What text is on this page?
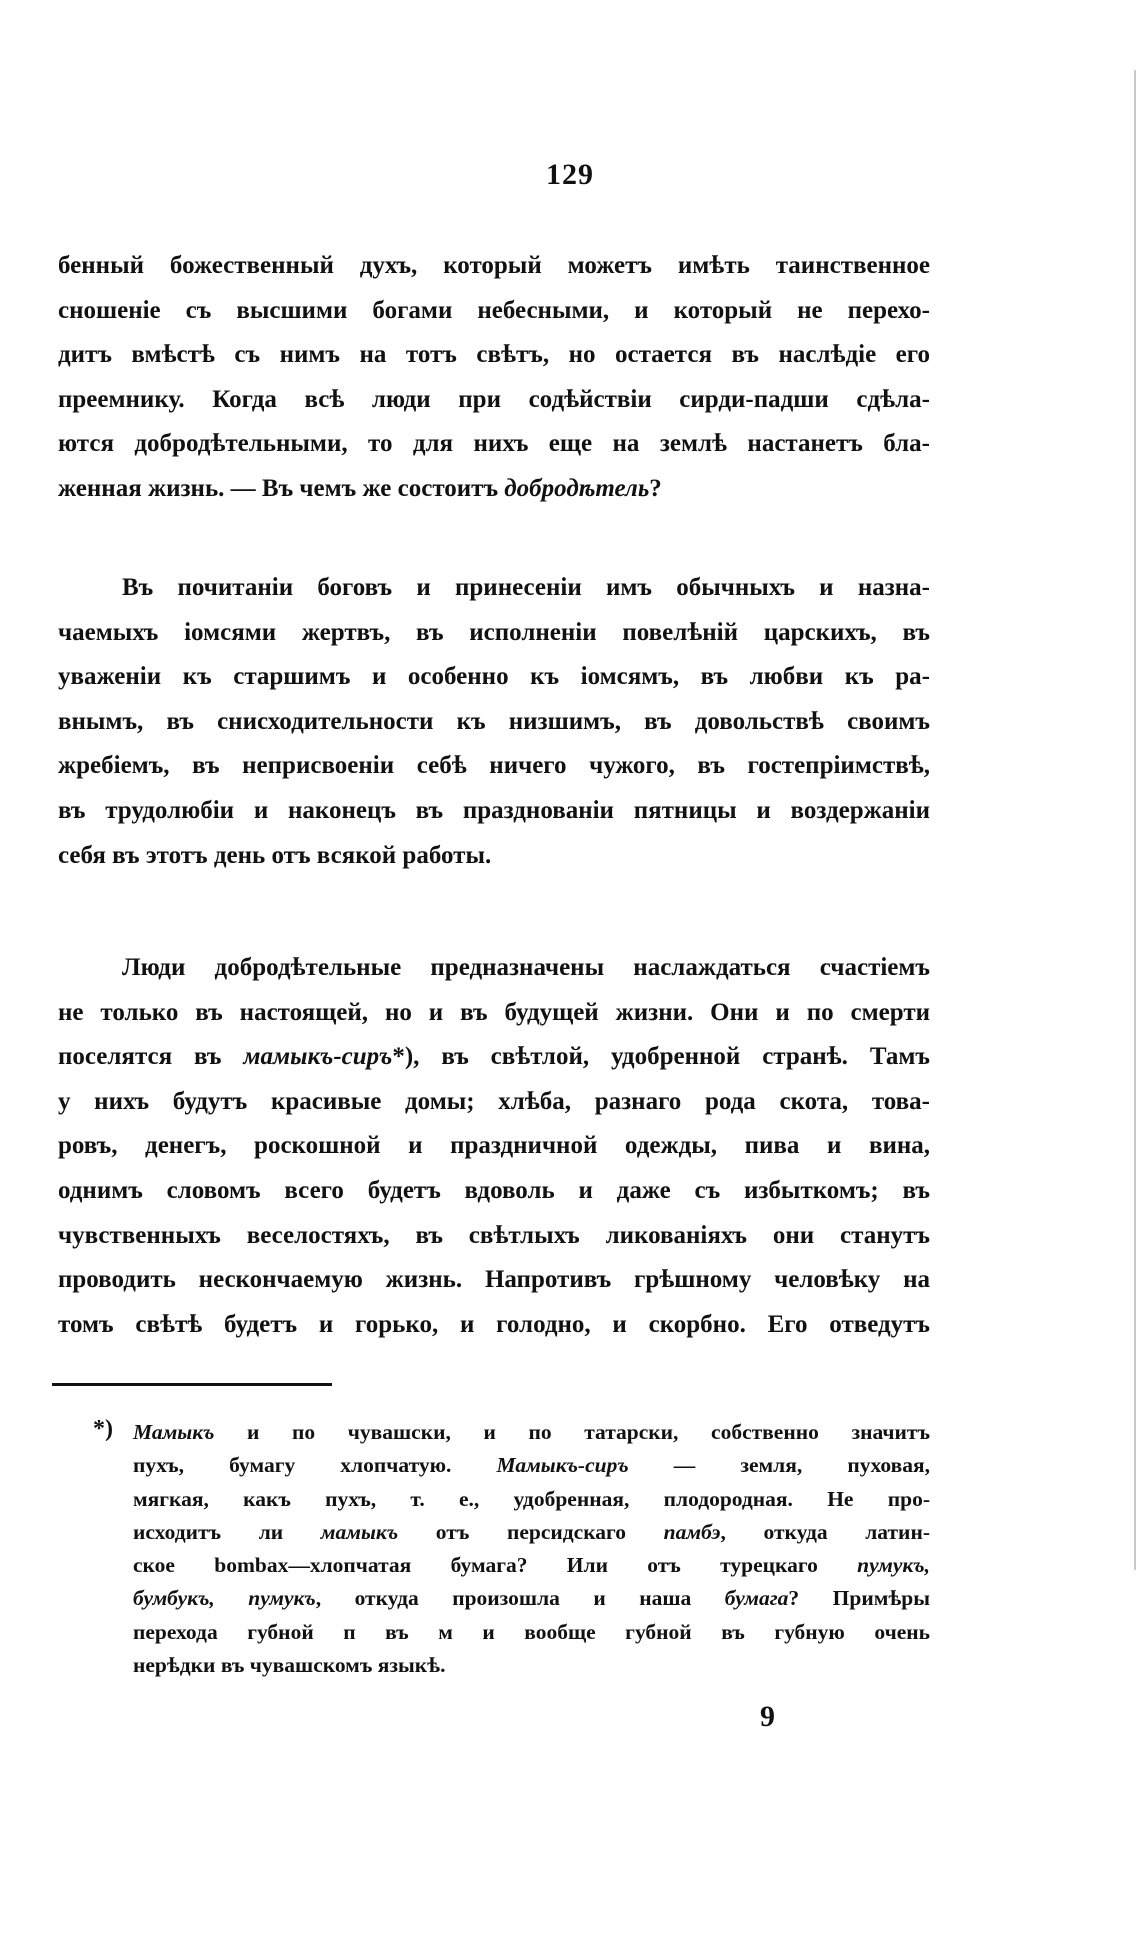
129
бенный божественный духъ, который можетъ имѣть таинственное
сношеніе съ высшими богами небесными, и который не перехо-
дитъ вмѣстѣ съ нимъ на тотъ свѣтъ, но остается въ наслѣдіе его
преемнику. Когда всѣ люди при содѣйствіи сирди-падши сдѣла-
ются добродѣтельными, то для нихъ еще на землѣ настанетъ бла-
женная жизнь. — Въ чемъ же состоитъ добродѣтель?
Въ почитаніи боговъ и принесеніи имъ обычныхъ и назна-
чаемыхъ іомсями жертвъ, въ исполненіи повелѣній царскихъ, въ
уваженіи къ старшимъ и особенно къ іомсямъ, въ любви къ ра-
внымъ, въ снисходительности къ низшимъ, въ довольствѣ своимъ
жребіемъ, въ неприсвоеніи себѣ ничего чужого, въ гостепріимствѣ,
въ трудолюбіи и наконецъ въ празднованіи пятницы и воздержаніи
себя въ этотъ день отъ всякой работы.
Люди добродѣтельные предназначены наслаждаться счастіемъ
не только въ настоящей, но и въ будущей жизни. Они и по смерти
поселятся въ мамыкъ-сиръ*), въ свѣтлой, удобренной странѣ. Тамъ
у нихъ будутъ красивые домы; хлѣба, разнаго рода скота, това-
ровъ, денегъ, роскошной и праздничной одежды, пива и вина,
однимъ словомъ всего будетъ вдоволь и даже съ избыткомъ; въ
чувственныхъ веселостяхъ, въ свѣтлыхъ ликованіяхъ они станутъ
проводить нескончаемую жизнь. Напротивъ грѣшному человѣку на
томъ свѣтѣ будетъ и горько, и голодно, и скорбно. Его отведутъ
*) Мамыкъ и по чувашски, и по татарски, собственно значитъ
пухъ, бумагу хлопчатую. Мамыкъ-сиръ — земля, пуховая,
мягкая, какъ пухъ, т. е., удобренная, плодородная. Не про-
исходитъ ли мамыкъ отъ персидскаго памбэ, откуда латин-
ское bombax—хлопчатая бумага? Или отъ турецкаго пумукъ,
бумбукъ, пумукъ, откуда произошла и наша бумага? Примѣры
перехода губной п въ м и вообще губной въ губную очень
нерѣдки въ чувашскомъ языкѣ.
9
